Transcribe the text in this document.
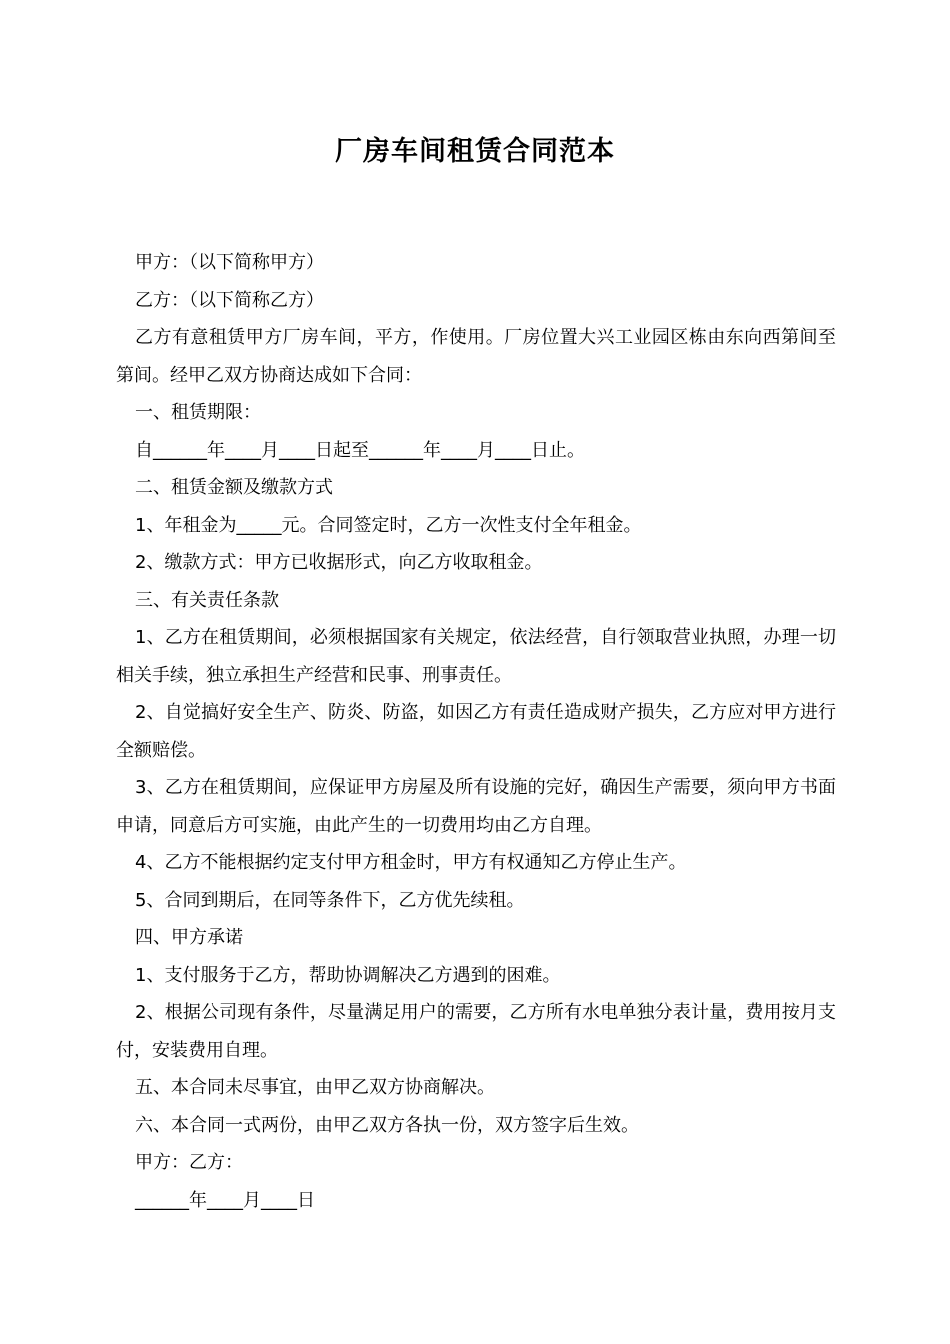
厂房车间租赁合同范本

甲方：（以下简称甲方）

乙方：（以下简称乙方）

乙方有意租赁甲方厂房车间，平方，作使用。厂房位置大兴工业园区栋由东向西第间至第间。经甲乙双方协商达成如下合同：

一、租赁期限：

自______年____月____日起至______年____月____日止。

二、租赁金额及缴款方式

1、年租金为_____元。合同签定时，乙方一次性支付全年租金。

2、缴款方式：甲方已收据形式，向乙方收取租金。

三、有关责任条款

1、乙方在租赁期间，必须根据国家有关规定，依法经营，自行领取营业执照，办理一切相关手续，独立承担生产经营和民事、刑事责任。

2、自觉搞好安全生产、防炎、防盗，如因乙方有责任造成财产损失，乙方应对甲方进行全额赔偿。

3、乙方在租赁期间，应保证甲方房屋及所有设施的完好，确因生产需要，须向甲方书面申请，同意后方可实施，由此产生的一切费用均由乙方自理。

4、乙方不能根据约定支付甲方租金时，甲方有权通知乙方停止生产。

5、合同到期后，在同等条件下，乙方优先续租。

四、甲方承诺

1、支付服务于乙方，帮助协调解决乙方遇到的困难。

2、根据公司现有条件，尽量满足用户的需要，乙方所有水电单独分表计量，费用按月支付，安装费用自理。

五、本合同未尽事宜，由甲乙双方协商解决。

六、本合同一式两份，由甲乙双方各执一份，双方签字后生效。

甲方：乙方：

______年____月____日
